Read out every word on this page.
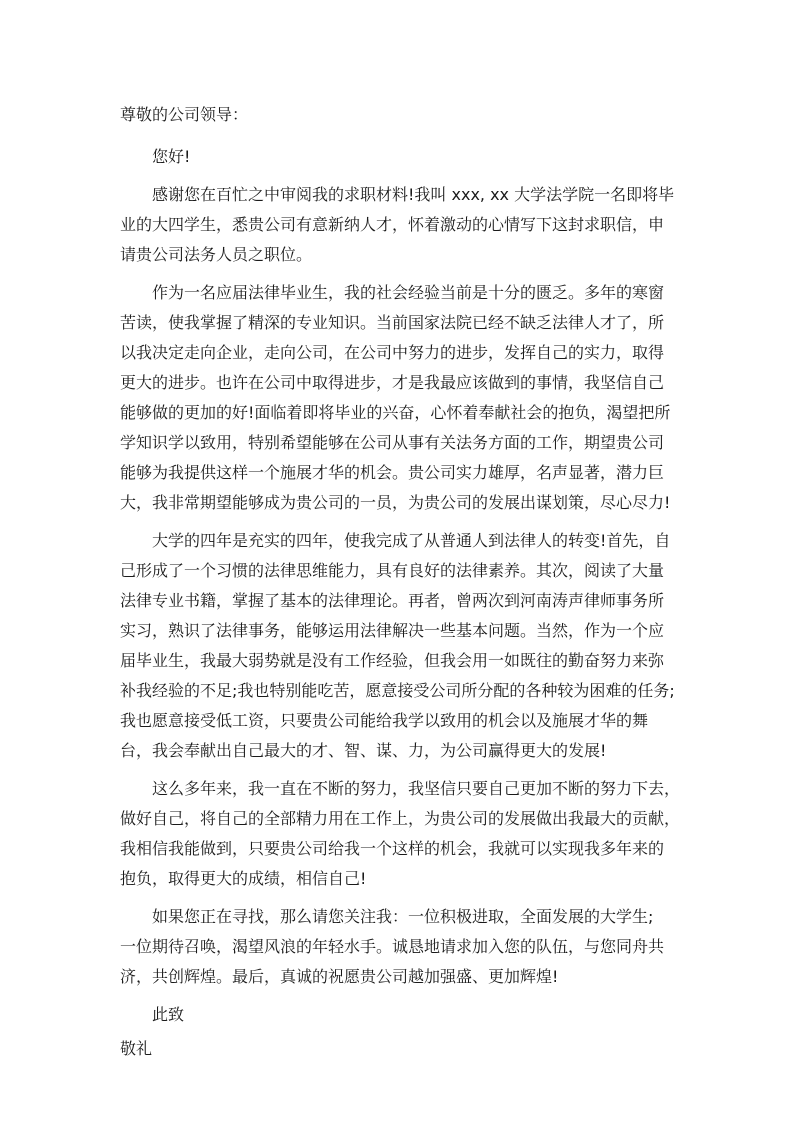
尊敬的公司领导：

您好!

感谢您在百忙之中审阅我的求职材料!我叫 xxx, xx 大学法学院一名即将毕

业的大四学生，悉贵公司有意新纳人才，怀着激动的心情写下这封求职信，申

请贵公司法务人员之职位。

作为一名应届法律毕业生，我的社会经验当前是十分的匮乏。多年的寒窗

苦读，使我掌握了精深的专业知识。当前国家法院已经不缺乏法律人才了，所

以我决定走向企业，走向公司，在公司中努力的进步，发挥自己的实力，取得

更大的进步。也许在公司中取得进步，才是我最应该做到的事情，我坚信自己

能够做的更加的好!面临着即将毕业的兴奋，心怀着奉献社会的抱负，渴望把所

学知识学以致用，特别希望能够在公司从事有关法务方面的工作，期望贵公司

能够为我提供这样一个施展才华的机会。贵公司实力雄厚，名声显著，潜力巨

大，我非常期望能够成为贵公司的一员，为贵公司的发展出谋划策，尽心尽力!

大学的四年是充实的四年，使我完成了从普通人到法律人的转变!首先，自

己形成了一个习惯的法律思维能力，具有良好的法律素养。其次，阅读了大量

法律专业书籍，掌握了基本的法律理论。再者，曾两次到河南涛声律师事务所

实习，熟识了法律事务，能够运用法律解决一些基本问题。当然，作为一个应

届毕业生，我最大弱势就是没有工作经验，但我会用一如既往的勤奋努力来弥

补我经验的不足;我也特别能吃苦，愿意接受公司所分配的各种较为困难的任务;

我也愿意接受低工资，只要贵公司能给我学以致用的机会以及施展才华的舞

台，我会奉献出自己最大的才、智、谋、力，为公司赢得更大的发展!

这么多年来，我一直在不断的努力，我坚信只要自己更加不断的努力下去，

做好自己，将自己的全部精力用在工作上，为贵公司的发展做出我最大的贡献，

我相信我能做到，只要贵公司给我一个这样的机会，我就可以实现我多年来的

抱负，取得更大的成绩，相信自己!

如果您正在寻找，那么请您关注我：一位积极进取，全面发展的大学生;

一位期待召唤，渴望风浪的年轻水手。诚恳地请求加入您的队伍，与您同舟共

济，共创辉煌。最后，真诚的祝愿贵公司越加强盛、更加辉煌!

此致

敬礼
